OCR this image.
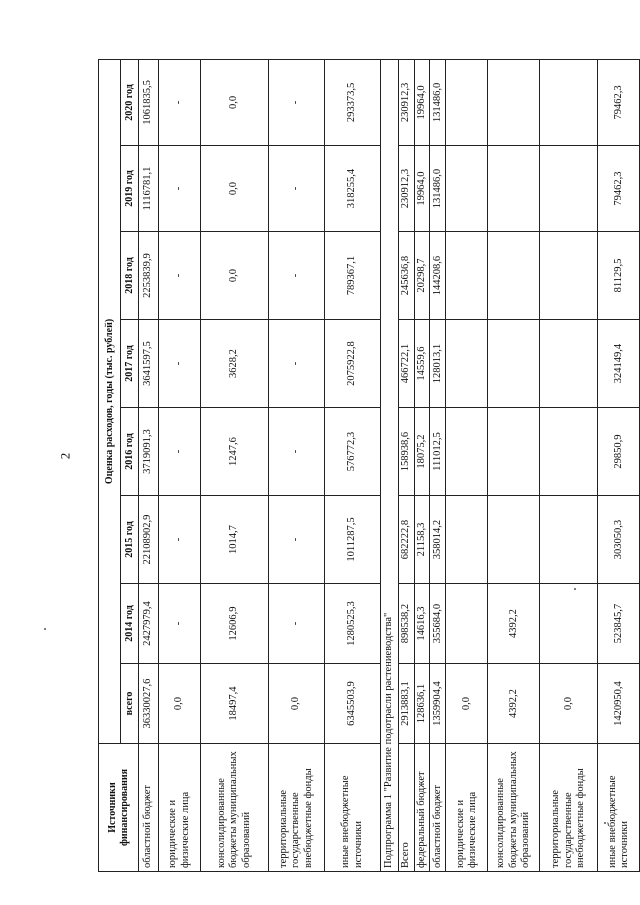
2
Источники финансирования	Оценка расходов, годы (тыс. рублей)							
	всего	2014 год	2015 год	2016 год	2017 год	2018 год	2019 год	2020 год
областной бюджет	36330027,6	2427979,4	22108902,9	3719091,3	3641597,5	2253839,9	1116781,1	1061835,5
юридические и физические лица	0,0	-	-	-	-	-	-	-
консолидированные бюджеты муниципальных образований	18497,4	12606,9	1014,7	1247,6	3628,2	0,0	0,0	0,0
территориальные государственные внебюджетные фонды	0,0	-	-	-	-	-	-	-
иные внебюджетные источники	6345503,9	1280525,3	1011287,5	576772,3	2075922,8	789367,1	318255,4	293373,5
Подпрограмма 1 "Развитие подотрасли растениеводства"								
Всего	2913883,1	898538,2	682222,8	158938,6	466722,1	245636,8	230912,3	230912,3
федеральный бюджет	128636,1	14616,3	21158,3	18075,2	14559,6	20298,7	19964,0	19964,0
областной бюджет	1359904,4	355684,0	358014,2	111012,5	128013,1	144208,6	131486,0	131486,0
юридические и физические лица	0,0							
консолидированные бюджеты муниципальных образований	4392,2	4392,2						
территориальные государственные внебюджетные фонды	0,0							
иные внебюджетные источники	1420950,4	523845,7	303050,3	29850,9	324149,4	81129,5	79462,3	79462,3
